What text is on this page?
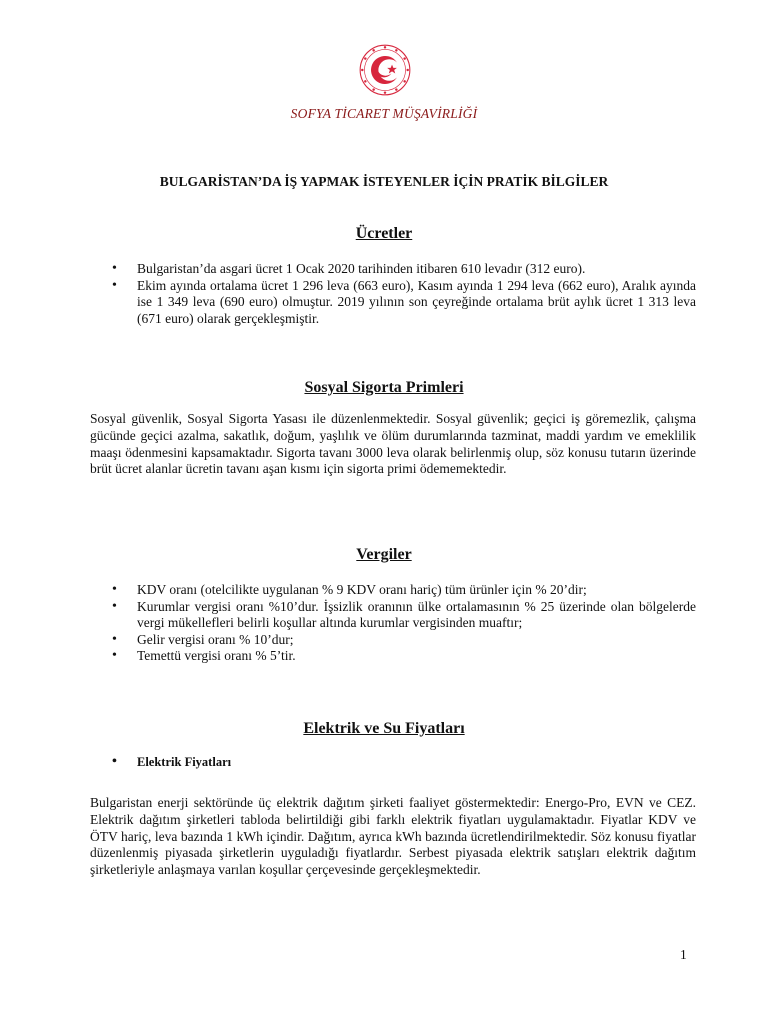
SOFYA TİCARET MÜŞAVİRLİĞİ
BULGARİSTAN’DA İŞ YAPMAK İSTEYENLER İÇİN PRATİK BİLGİLER
Ücretler
• Bulgaristan’da asgari ücret 1 Ocak 2020 tarihinden itibaren 610 levadır (312 euro).
• Ekim ayında ortalama ücret 1 296 leva (663 euro), Kasım ayında 1 294 leva (662 euro), Aralık ayında ise 1 349 leva (690 euro) olmuştur. 2019 yılının son çeyreğinde ortalama brüt aylık ücret 1 313 leva (671 euro) olarak gerçekleşmiştir.
Sosyal Sigorta Primleri

Sosyal güvenlik, Sosyal Sigorta Yasası ile düzenlenmektedir. Sosyal güvenlik; geçici iş göremezlik, çalışma gücünde geçici azalma, sakatlık, doğum, yaşlılık ve ölüm durumlarında tazminat, maddi yardım ve emeklilik maaşı ödenmesini kapsamaktadır. Sigorta tavanı 3000 leva olarak belirlenmiş olup, söz konusu tutarın üzerinde brüt ücret alanlar ücretin tavanı aşan kısmı için sigorta primi ödememektedir.

Vergiler
• KDV oranı (otelcilikte uygulanan % 9 KDV oranı hariç) tüm ürünler için % 20’dir;
• Kurumlar vergisi oranı %10’dur. İşsizlik oranının ülke ortalamasının % 25 üzerinde olan bölgelerde vergi mükellefleri belirli koşullar altında kurumlar vergisinden muaftır;
• Gelir vergisi oranı % 10’dur;
• Temettü vergisi oranı % 5’tir.
Elektrik ve Su Fiyatları
• Elektrik Fiyatları

Bulgaristan enerji sektöründe üç elektrik dağıtım şirketi faaliyet göstermektedir: Energo-Pro, EVN ve CEZ. Elektrik dağıtım şirketleri tabloda belirtildiği gibi farklı elektrik fiyatları uygulamaktadır. Fiyatlar KDV ve ÖTV hariç, leva bazında 1 kWh içindir. Dağıtım, ayrıca kWh bazında ücretlendirilmektedir. Söz konusu fiyatlar düzenlenmiş piyasada şirketlerin uyguladığı fiyatlardır. Serbest piyasada elektrik satışları elektrik dağıtım şirketleriyle anlaşmaya varılan koşullar çerçevesinde gerçekleşmektedir.

1
